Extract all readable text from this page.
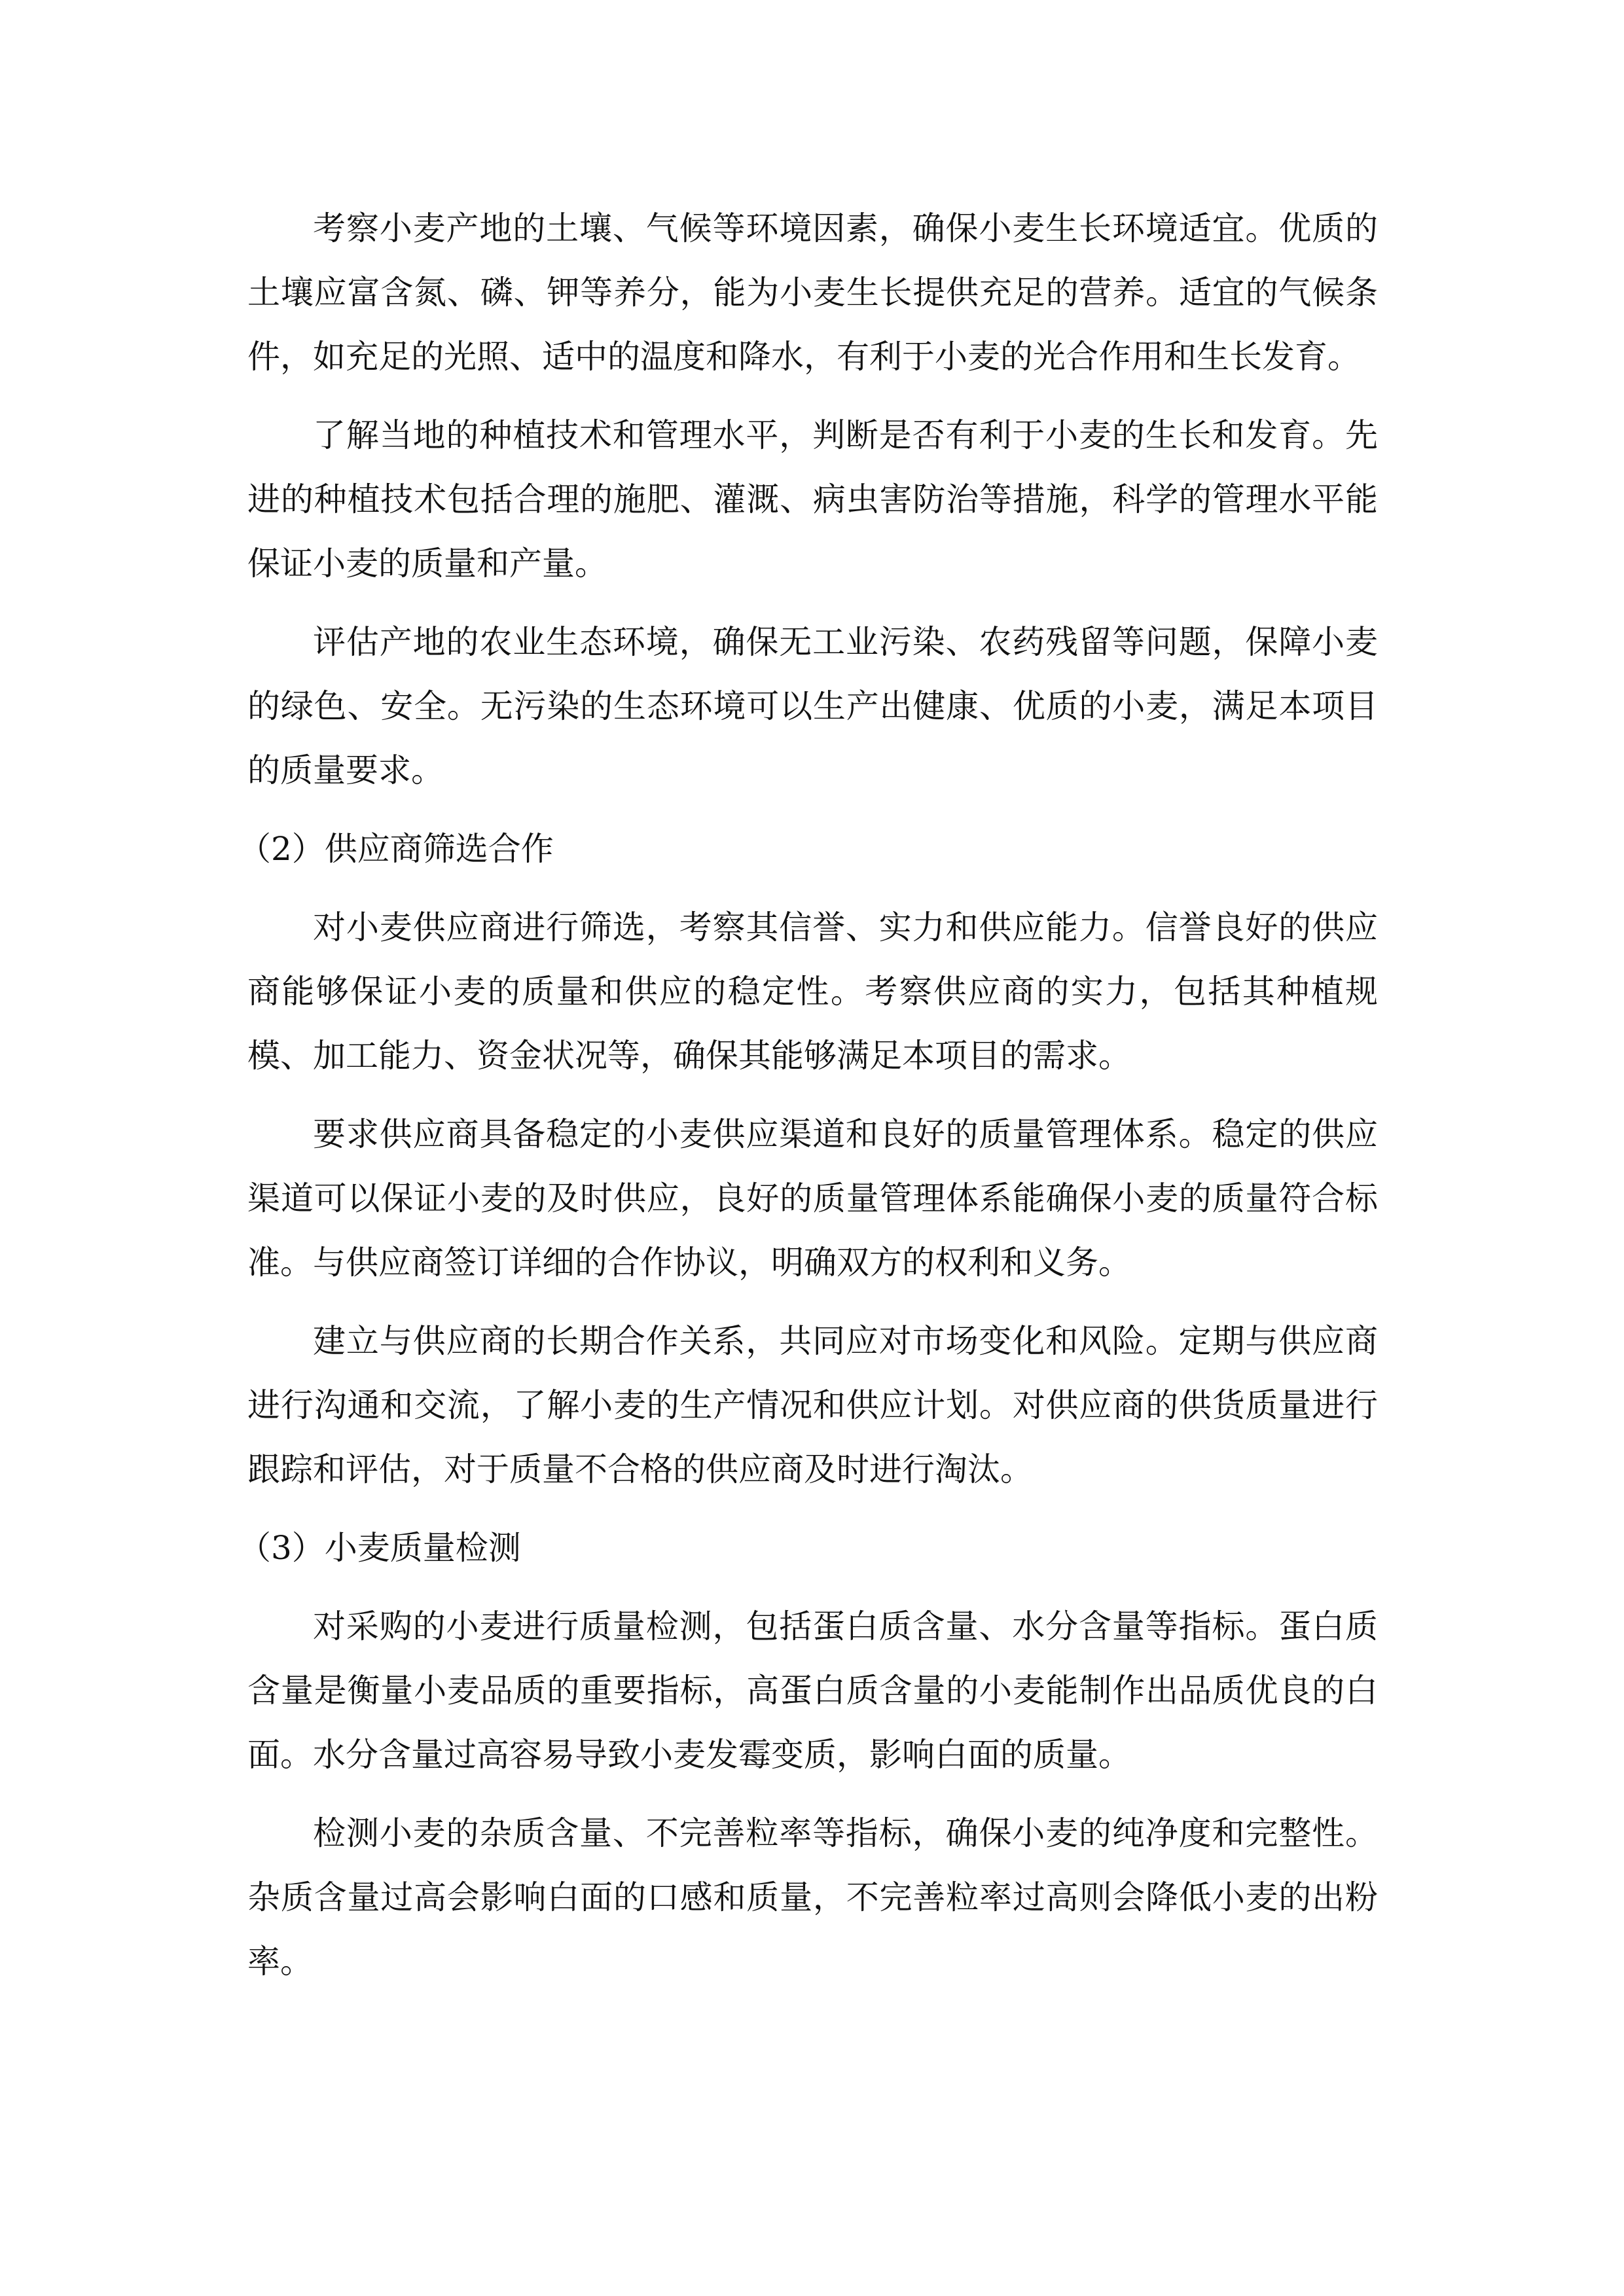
考察小麦产地的土壤、气候等环境因素，确保小麦生长环境适宜。优质的土壤应富含氮、磷、钾等养分，能为小麦生长提供充足的营养。适宜的气候条件，如充足的光照、适中的温度和降水，有利于小麦的光合作用和生长发育。

了解当地的种植技术和管理水平，判断是否有利于小麦的生长和发育。先进的种植技术包括合理的施肥、灌溉、病虫害防治等措施，科学的管理水平能保证小麦的质量和产量。

评估产地的农业生态环境，确保无工业污染、农药残留等问题，保障小麦的绿色、安全。无污染的生态环境可以生产出健康、优质的小麦，满足本项目的质量要求。

（2）供应商筛选合作

对小麦供应商进行筛选，考察其信誉、实力和供应能力。信誉良好的供应商能够保证小麦的质量和供应的稳定性。考察供应商的实力，包括其种植规模、加工能力、资金状况等，确保其能够满足本项目的需求。

要求供应商具备稳定的小麦供应渠道和良好的质量管理体系。稳定的供应渠道可以保证小麦的及时供应，良好的质量管理体系能确保小麦的质量符合标准。与供应商签订详细的合作协议，明确双方的权利和义务。

建立与供应商的长期合作关系，共同应对市场变化和风险。定期与供应商进行沟通和交流，了解小麦的生产情况和供应计划。对供应商的供货质量进行跟踪和评估，对于质量不合格的供应商及时进行淘汰。

（3）小麦质量检测

对采购的小麦进行质量检测，包括蛋白质含量、水分含量等指标。蛋白质含量是衡量小麦品质的重要指标，高蛋白质含量的小麦能制作出品质优良的白面。水分含量过高容易导致小麦发霉变质，影响白面的质量。

检测小麦的杂质含量、不完善粒率等指标，确保小麦的纯净度和完整性。杂质含量过高会影响白面的口感和质量，不完善粒率过高则会降低小麦的出粉率。
